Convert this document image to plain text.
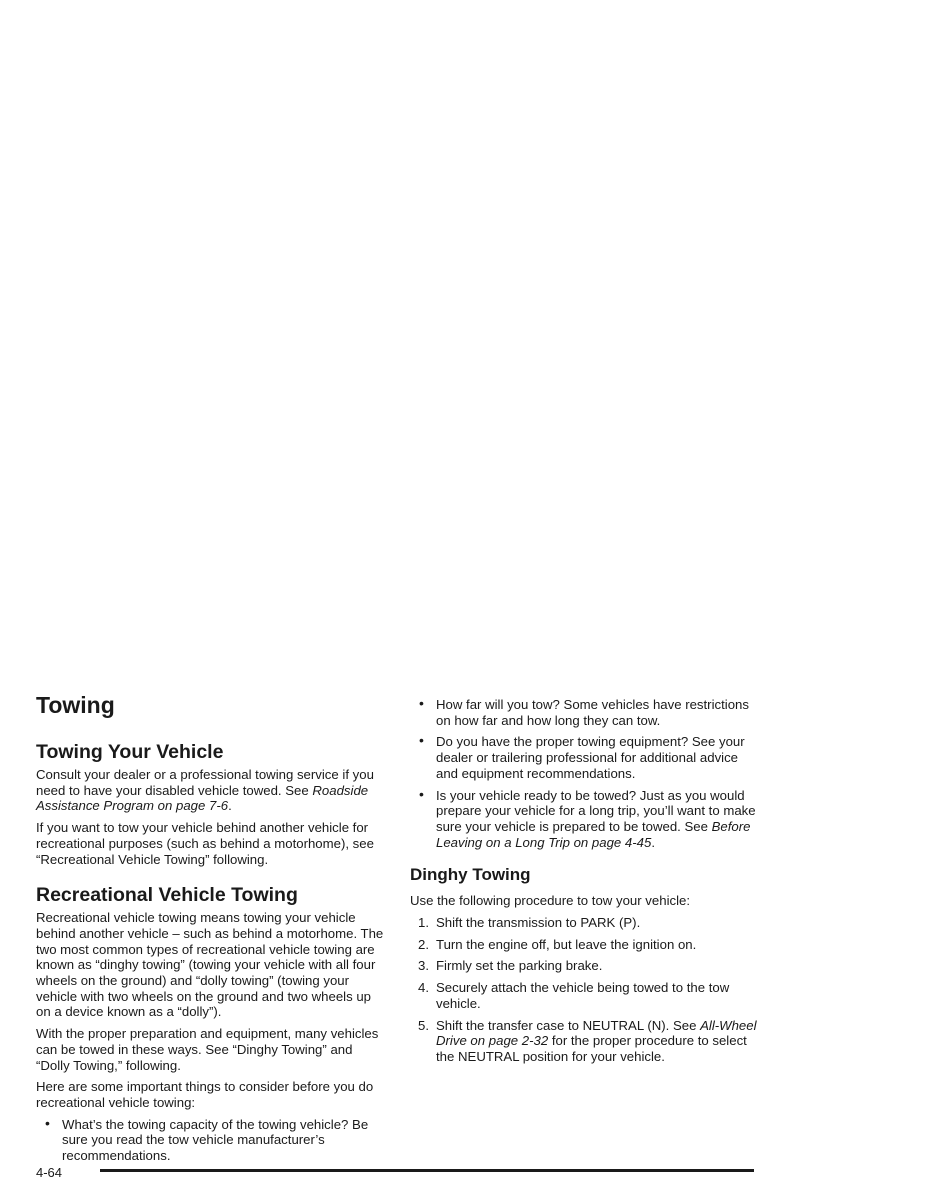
Towing
Towing Your Vehicle

Consult your dealer or a professional towing service if you need to have your disabled vehicle towed. See Roadside Assistance Program on page 7-6.

If you want to tow your vehicle behind another vehicle for recreational purposes (such as behind a motorhome), see “Recreational Vehicle Towing” following.

Recreational Vehicle Towing

Recreational vehicle towing means towing your vehicle behind another vehicle – such as behind a motorhome. The two most common types of recreational vehicle towing are known as “dinghy towing” (towing your vehicle with all four wheels on the ground) and “dolly towing” (towing your vehicle with two wheels on the ground and two wheels up on a device known as a “dolly”).

With the proper preparation and equipment, many vehicles can be towed in these ways. See “Dinghy Towing” and “Dolly Towing,” following.

Here are some important things to consider before you do recreational vehicle towing:

• What’s the towing capacity of the towing vehicle? Be sure you read the tow vehicle manufacturer’s recommendations.
• How far will you tow? Some vehicles have restrictions on how far and how long they can tow.
• Do you have the proper towing equipment? See your dealer or trailering professional for additional advice and equipment recommendations.
• Is your vehicle ready to be towed? Just as you would prepare your vehicle for a long trip, you’ll want to make sure your vehicle is prepared to be towed. See Before Leaving on a Long Trip on page 4-45.
Dinghy Towing

Use the following procedure to tow your vehicle:

1. Shift the transmission to PARK (P).
2. Turn the engine off, but leave the ignition on.
3. Firmly set the parking brake.
4. Securely attach the vehicle being towed to the tow vehicle.
5. Shift the transfer case to NEUTRAL (N). See All-Wheel Drive on page 2-32 for the proper procedure to select the NEUTRAL position for your vehicle.
4-64
